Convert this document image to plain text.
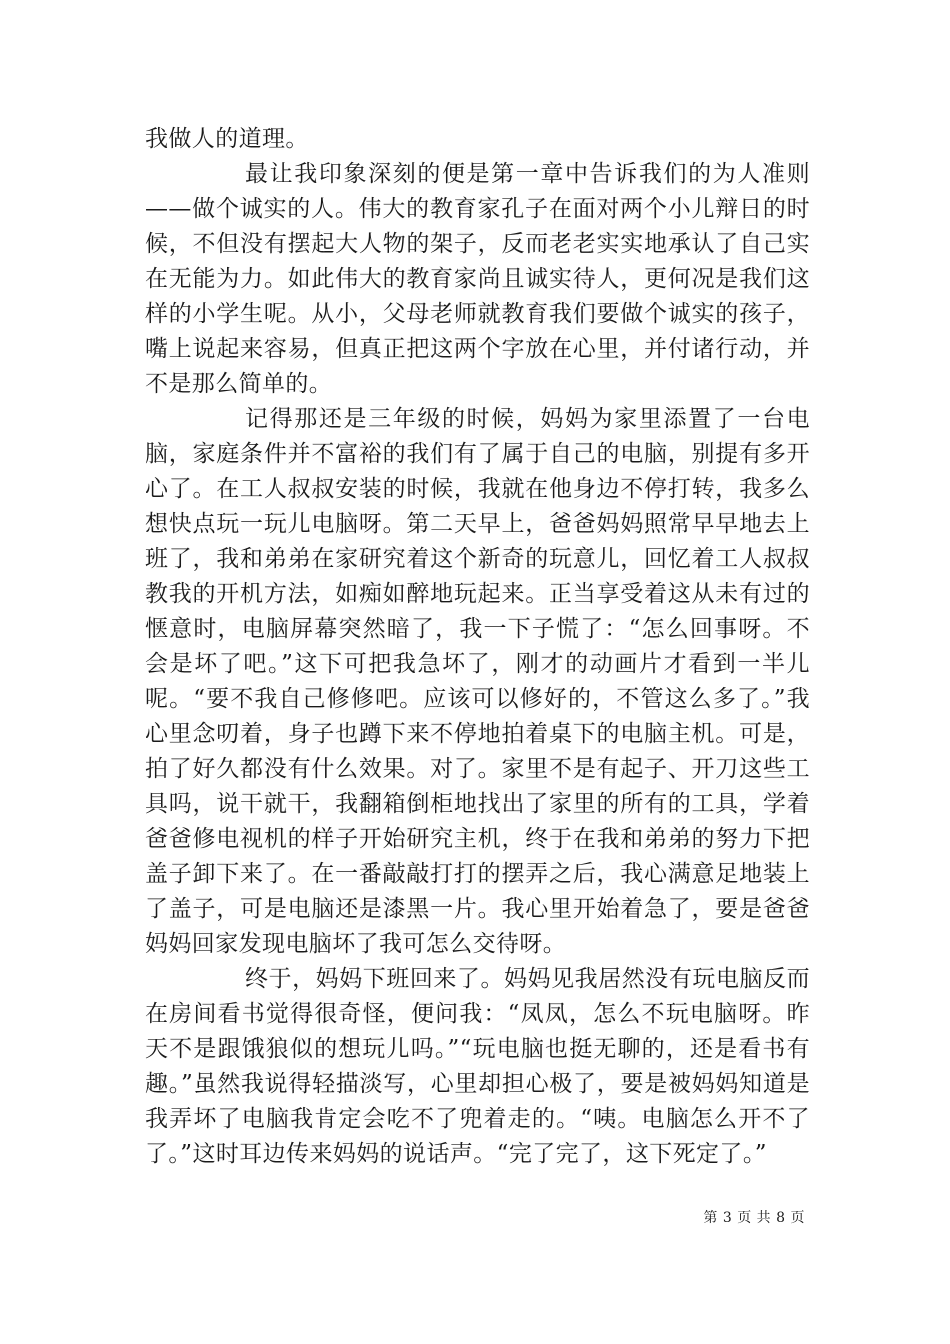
我做人的道理。

最让我印象深刻的便是第一章中告诉我们的为人准则——做个诚实的人。伟大的教育家孔子在面对两个小儿辩日的时候，不但没有摆起大人物的架子，反而老老实实地承认了自己实在无能为力。如此伟大的教育家尚且诚实待人，更何况是我们这样的小学生呢。从小，父母老师就教育我们要做个诚实的孩子，嘴上说起来容易，但真正把这两个字放在心里，并付诸行动，并不是那么简单的。

记得那还是三年级的时候，妈妈为家里添置了一台电脑，家庭条件并不富裕的我们有了属于自己的电脑，别提有多开心了。在工人叔叔安装的时候，我就在他身边不停打转，我多么想快点玩一玩儿电脑呀。第二天早上，爸爸妈妈照常早早地去上班了，我和弟弟在家研究着这个新奇的玩意儿，回忆着工人叔叔教我的开机方法，如痴如醉地玩起来。正当享受着这从未有过的惬意时，电脑屏幕突然暗了，我一下子慌了：“怎么回事呀。不会是坏了吧。”这下可把我急坏了，刚才的动画片才看到一半儿呢。“要不我自己修修吧。应该可以修好的，不管这么多了。”我心里念叨着，身子也蹲下来不停地拍着桌下的电脑主机。可是，拍了好久都没有什么效果。对了。家里不是有起子、开刀这些工具吗，说干就干，我翻箱倒柜地找出了家里的所有的工具，学着爸爸修电视机的样子开始研究主机，终于在我和弟弟的努力下把盖子卸下来了。在一番敲敲打打的摆弄之后，我心满意足地装上了盖子，可是电脑还是漆黑一片。我心里开始着急了，要是爸爸妈妈回家发现电脑坏了我可怎么交待呀。

终于，妈妈下班回来了。妈妈见我居然没有玩电脑反而在房间看书觉得很奇怪，便问我：“凤凤，怎么不玩电脑呀。昨天不是跟饿狼似的想玩儿吗。”“玩电脑也挺无聊的，还是看书有趣。”虽然我说得轻描淡写，心里却担心极了，要是被妈妈知道是我弄坏了电脑我肯定会吃不了兜着走的。“咦。电脑怎么开不了了。”这时耳边传来妈妈的说话声。“完了完了，这下死定了。”

第 3 页 共 8 页
